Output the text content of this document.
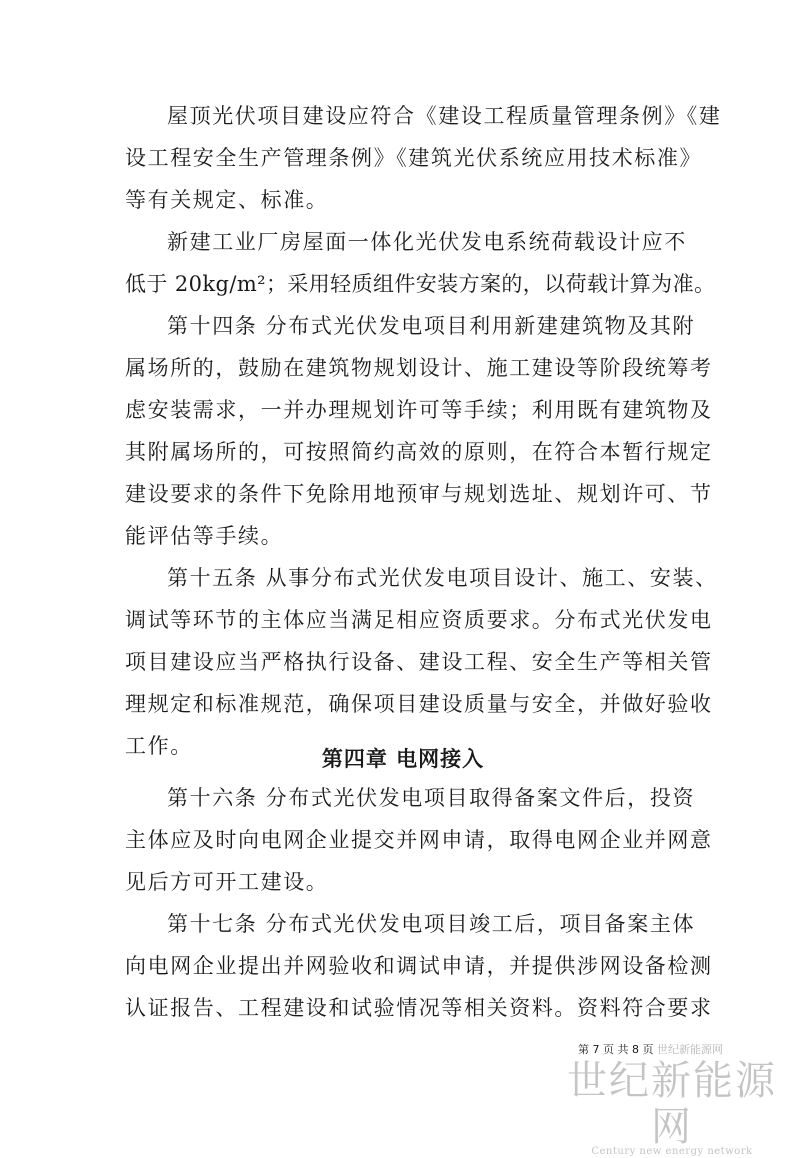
屋顶光伏项目建设应符合《建设工程质量管理条例》《建
设工程安全生产管理条例》《建筑光伏系统应用技术标准》
等有关规定、标准。
新建工业厂房屋面一体化光伏发电系统荷载设计应不
低于 20kg/m²；采用轻质组件安装方案的，以荷载计算为准。
第十四条 分布式光伏发电项目利用新建建筑物及其附
属场所的，鼓励在建筑物规划设计、施工建设等阶段统筹考
虑安装需求，一并办理规划许可等手续；利用既有建筑物及
其附属场所的，可按照简约高效的原则，在符合本暂行规定
建设要求的条件下免除用地预审与规划选址、规划许可、节
能评估等手续。
第十五条 从事分布式光伏发电项目设计、施工、安装、
调试等环节的主体应当满足相应资质要求。分布式光伏发电
项目建设应当严格执行设备、建设工程、安全生产等相关管
理规定和标准规范，确保项目建设质量与安全，并做好验收
工作。
第四章 电网接入
第十六条 分布式光伏发电项目取得备案文件后，投资
主体应及时向电网企业提交并网申请，取得电网企业并网意
见后方可开工建设。
第十七条 分布式光伏发电项目竣工后，项目备案主体
向电网企业提出并网验收和调试申请，并提供涉网设备检测
认证报告、工程建设和试验情况等相关资料。资料符合要求
第 7 页 共 8 页 世纪新能源网
世纪新能源网
Century new energy network
